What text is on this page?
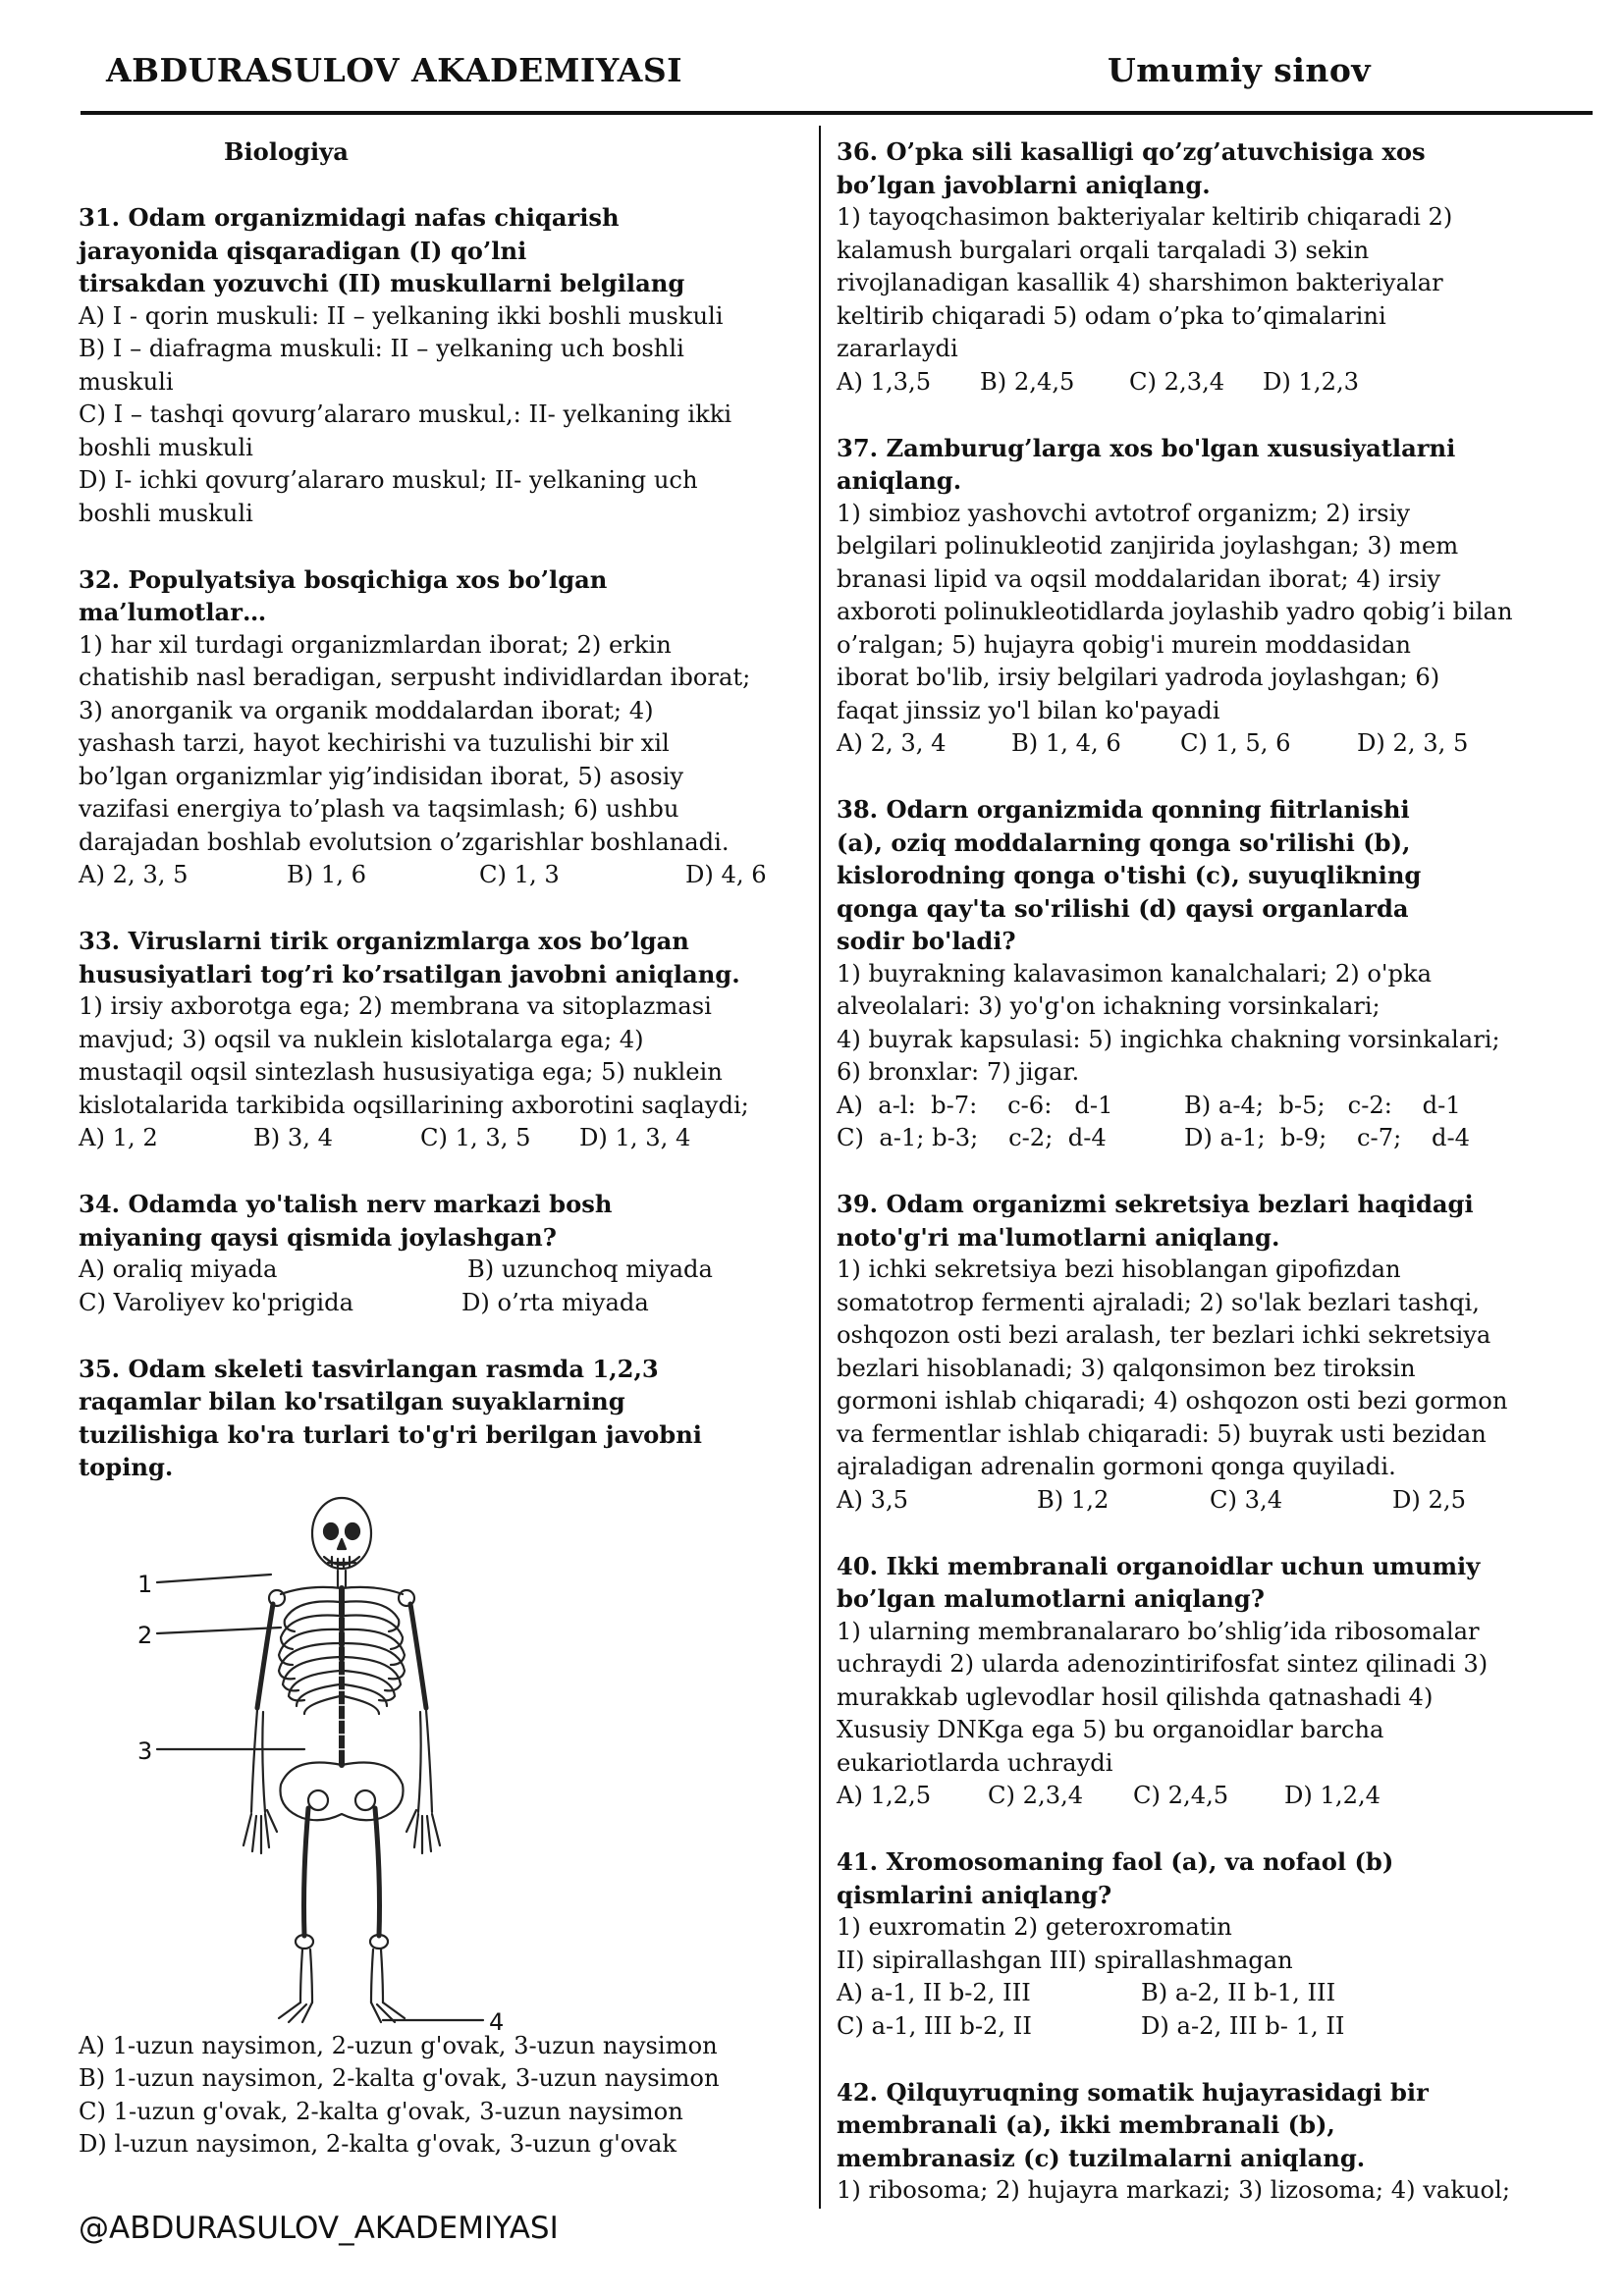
ABDURASULOV AKADEMIYASI	Umumiy sinov
Biologiya

31. Odam organizmidagi nafas chiqarish

jarayonida qisqaradigan (I) qo’lni

tirsakdan yozuvchi (II) muskullarni belgilang

A) I - qorin muskuli: II – yelkaning ikki boshli muskuli

B) I – diafragma muskuli: II – yelkaning uch boshli

muskuli

C) I – tashqi qovurg’alararo muskul,: II- yelkaning ikki

boshli muskuli

D) I- ichki qovurg’alararo muskul; II- yelkaning uch

boshli muskuli

32. Populyatsiya bosqichiga xos bo’lgan

ma’lumotlar…

1) har xil turdagi organizmlardan iborat; 2) erkin

chatishib nasl beradigan, serpusht individlardan iborat;

3) anorganik va organik moddalardan iborat; 4)

yashash tarzi, hayot kechirishi va tuzulishi bir xil

bo’lgan organizmlar yig’indisidan iborat, 5) asosiy

vazifasi energiya to’plash va taqsimlash; 6) ushbu

darajadan boshlab evolutsion o’zgarishlar boshlanadi.

A) 2, 3, 5	B) 1, 6	C) 1, 3	D) 4, 6

33. Viruslarni tirik organizmlarga xos bo’lgan

hususiyatlari tog’ri ko’rsatilgan javobni aniqlang.

1) irsiy axborotga ega; 2) membrana va sitoplazmasi

mavjud; 3) oqsil va nuklein kislotalarga ega; 4)

mustaqil oqsil sintezlash hususiyatiga ega; 5) nuklein

kislotalarida tarkibida oqsillarining axborotini saqlaydi;

A) 1, 2	B) 3, 4	C) 1, 3, 5	D) 1, 3, 4

34. Odamda yo'talish nerv markazi bosh

miyaning qaysi qismida joylashgan?

A) oraliq miyada	B) uzunchoq miyada
C) Varoliyev ko'prigida	D) o’rta miyada

35. Odam skeleti tasvirlangan rasmda 1,2,3

raqamlar bilan ko'rsatilgan suyaklarning

tuzilishiga ko'ra turlari to'g'ri berilgan javobni

toping.

1
2
3
4

A) 1-uzun naysimon, 2-uzun g'ovak, 3-uzun naysimon

B) 1-uzun naysimon, 2-kalta g'ovak, 3-uzun naysimon

C) 1-uzun g'ovak, 2-kalta g'ovak, 3-uzun naysimon

D) l-uzun naysimon, 2-kalta g'ovak, 3-uzun g'ovak

36. O’pka sili kasalligi qo’zg’atuvchisiga xos

bo’lgan javoblarni aniqlang.

1) tayoqchasimon bakteriyalar keltirib chiqaradi 2)

kalamush burgalari orqali tarqaladi 3) sekin

rivojlanadigan kasallik 4) sharshimon bakteriyalar

keltirib chiqaradi 5) odam o’pka to’qimalarini

zararlaydi

A) 1,3,5	B) 2,4,5	C) 2,3,4	D) 1,2,3

37. Zamburug’larga xos bo'lgan xususiyatlarni

aniqlang.

1) simbioz yashovchi avtotrof organizm; 2) irsiy

belgilari polinukleotid zanjirida joylashgan; 3) mem

branasi lipid va oqsil moddalaridan iborat; 4) irsiy

axboroti polinukleotidlarda joylashib yadro qobig’i bilan

o’ralgan; 5) hujayra qobig'i murein moddasidan

iborat bo'lib, irsiy belgilari yadroda joylashgan; 6)

faqat jinssiz yo'l bilan ko'payadi

A) 2, 3, 4	B) 1, 4, 6	C) 1, 5, 6	D) 2, 3, 5

38. Odarn organizmida qonning fiitrlanishi

(a), oziq moddalarning qonga so'rilishi (b),

kislorodning qonga o'tishi (c), suyuqlikning

qonga qay'ta so'rilishi (d) qaysi organlarda

sodir bo'ladi?

1) buyrakning kalavasimon kanalchalari; 2) o'pka

alveolalari: 3) yo'g'on ichakning vorsinkalari;

4) buyrak kapsulasi: 5) ingichka chakning vorsinkalari;

6) bronxlar: 7) jigar.

A)  a-l:  b-7:    c-6:   d-1	B) a-4;  b-5;   c-2:    d-1
C)  a-1; b-3;    c-2;  d-4	D) a-1;  b-9;    c-7;    d-4

39. Odam organizmi sekretsiya bezlari haqidagi

noto'g'ri ma'lumotlarni aniqlang.

1) ichki sekretsiya bezi hisoblangan gipofizdan

somatotrop fermenti ajraladi; 2) so'lak bezlari tashqi,

oshqozon osti bezi aralash, ter bezlari ichki sekretsiya

bezlari hisoblanadi; 3) qalqonsimon bez tiroksin

gormoni ishlab chiqaradi; 4) oshqozon osti bezi gormon

va fermentlar ishlab chiqaradi: 5) buyrak usti bezidan

ajraladigan adrenalin gormoni qonga quyiladi.

A) 3,5	B) 1,2	C) 3,4	D) 2,5

40. Ikki membranali organoidlar uchun umumiy

bo’lgan malumotlarni aniqlang?

1) ularning membranalararo bo’shlig’ida ribosomalar

uchraydi 2) ularda adenozintirifosfat sintez qilinadi 3)

murakkab uglevodlar hosil qilishda qatnashadi 4)

Xususiy DNKga ega 5) bu organoidlar barcha

eukariotlarda uchraydi

A) 1,2,5	C) 2,3,4	C) 2,4,5	D) 1,2,4

41. Xromosomaning faol (a), va nofaol (b)

qismlarini aniqlang?

1) euxromatin 2) geteroxromatin

II) sipirallashgan III) spirallashmagan

A) a-1, II b-2, III	B) a-2, II b-1, III
C) a-1, III b-2, II	D) a-2, III b- 1, II

42. Qilquyruqning somatik hujayrasidagi bir

membranali (a), ikki membranali (b),

membranasiz (c) tuzilmalarni aniqlang.

1) ribosoma; 2) hujayra markazi; 3) lizosoma; 4) vakuol;

@ABDURASULOV_AKADEMIYASI
